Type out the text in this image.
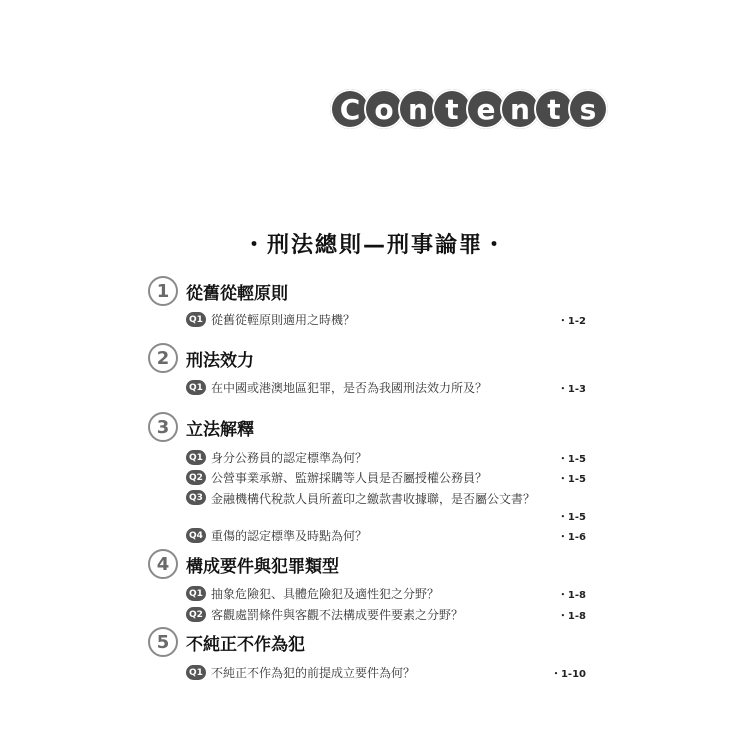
C o n t e n t s
・刑法總則—刑事論罪・
1 從舊從輕原則
Q1 從舊從輕原則適用之時機？	・1-2
2 刑法效力
Q1 在中國或港澳地區犯罪，是否為我國刑法效力所及？	・1-3
3 立法解釋
Q1 身分公務員的認定標準為何？	・1-5
Q2 公營事業承辦、監辦採購等人員是否屬授權公務員？	・1-5
Q3 金融機構代稅款人員所蓋印之繳款書收據聯，是否屬公文書？
・1-5
Q4 重傷的認定標準及時點為何？	・1-6
4 構成要件與犯罪類型
Q1 抽象危險犯、具體危險犯及適性犯之分野？	・1-8
Q2 客觀處罰條件與客觀不法構成要件要素之分野？	・1-8
5 不純正不作為犯
Q1 不純正不作為犯的前提成立要件為何？	・1-10
